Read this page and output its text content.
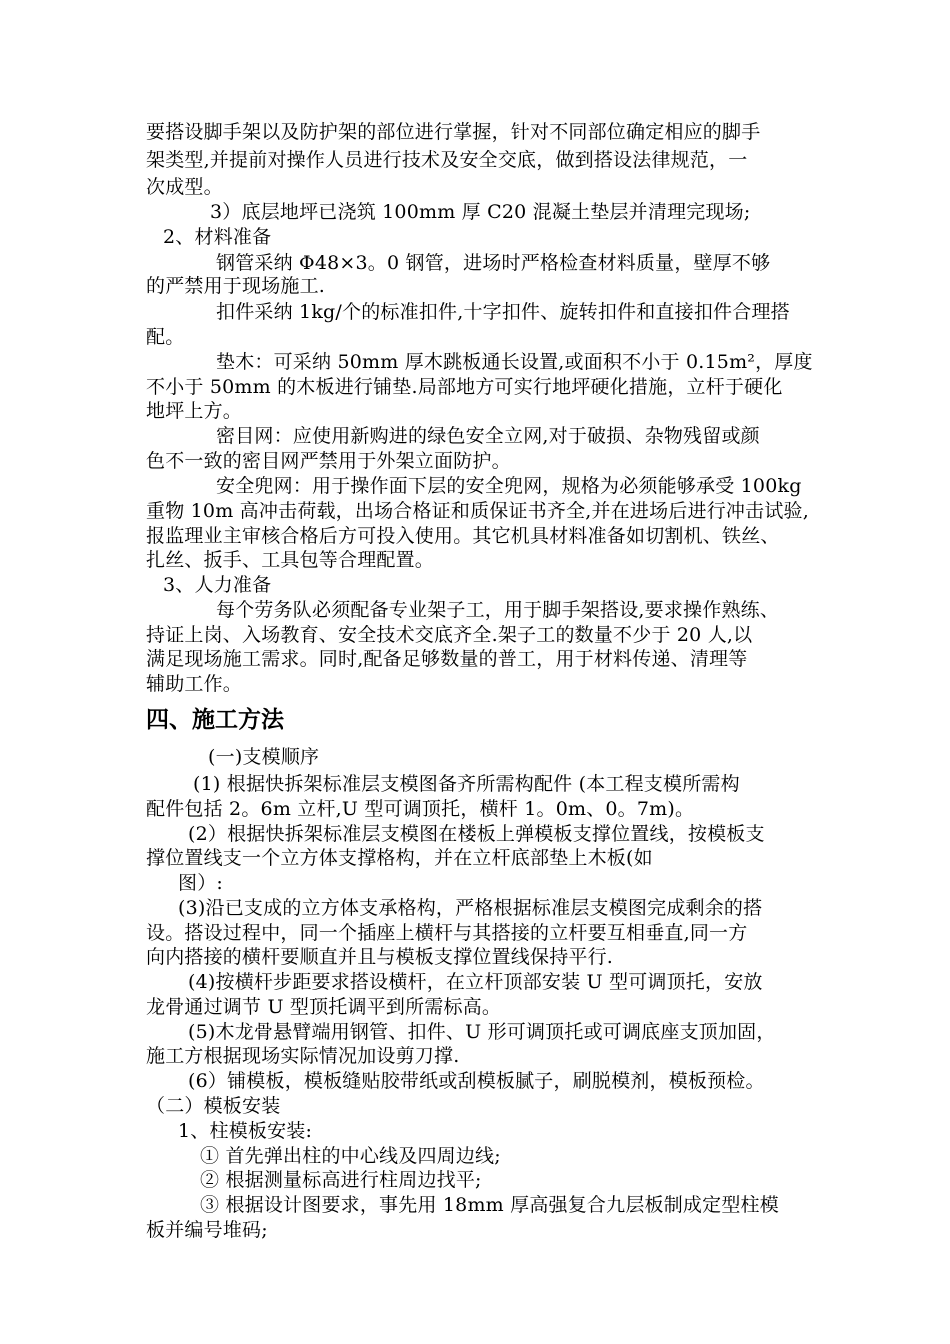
要搭设脚手架以及防护架的部位进行掌握，针对不同部位确定相应的脚手
架类型,并提前对操作人员进行技术及安全交底，做到搭设法律规范，一
次成型。
3）底层地坪已浇筑 100mm 厚 C20 混凝土垫层并清理完现场;
2、材料准备
钢管采纳 Φ48×3。0 钢管，进场时严格检查材料质量，壁厚不够
的严禁用于现场施工.
扣件采纳 1kg/个的标准扣件,十字扣件、旋转扣件和直接扣件合理搭
配。
垫木：可采纳 50mm 厚木跳板通长设置,或面积不小于 0.15m²，厚度
不小于 50mm 的木板进行铺垫.局部地方可实行地坪硬化措施，立杆于硬化
地坪上方。
密目网：应使用新购进的绿色安全立网,对于破损、杂物残留或颜
色不一致的密目网严禁用于外架立面防护。
安全兜网：用于操作面下层的安全兜网，规格为必须能够承受 100kg
重物 10m 高冲击荷载，出场合格证和质保证书齐全,并在进场后进行冲击试验,
报监理业主审核合格后方可投入使用。其它机具材料准备如切割机、铁丝、
扎丝、扳手、工具包等合理配置。
3、人力准备
每个劳务队必须配备专业架子工，用于脚手架搭设,要求操作熟练、
持证上岗、入场教育、安全技术交底齐全.架子工的数量不少于 20 人,以
满足现场施工需求。同时,配备足够数量的普工，用于材料传递、清理等
辅助工作。
四、施工方法
(一)支模顺序
(1) 根据快拆架标准层支模图备齐所需构配件 (本工程支模所需构
配件包括 2。6m 立杆,U 型可调顶托，横杆 1。0m、0。7m)。
(2）根据快拆架标准层支模图在楼板上弹模板支撑位置线，按模板支
撑位置线支一个立方体支撑格构，并在立杆底部垫上木板(如
图）:
(3)沿已支成的立方体支承格构，严格根据标准层支模图完成剩余的搭
设。搭设过程中，同一个插座上横杆与其搭接的立杆要互相垂直,同一方
向内搭接的横杆要顺直并且与模板支撑位置线保持平行.
(4)按横杆步距要求搭设横杆，在立杆顶部安装 U 型可调顶托，安放
龙骨通过调节 U 型顶托调平到所需标高。
(5)木龙骨悬臂端用钢管、扣件、U 形可调顶托或可调底座支顶加固，
施工方根据现场实际情况加设剪刀撑.
(6）铺模板，模板缝贴胶带纸或刮模板腻子，刷脱模剂，模板预检。
（二）模板安装
1、柱模板安装:
① 首先弹出柱的中心线及四周边线;
② 根据测量标高进行柱周边找平;
③ 根据设计图要求，事先用 18mm 厚高强复合九层板制成定型柱模
板并编号堆码;
